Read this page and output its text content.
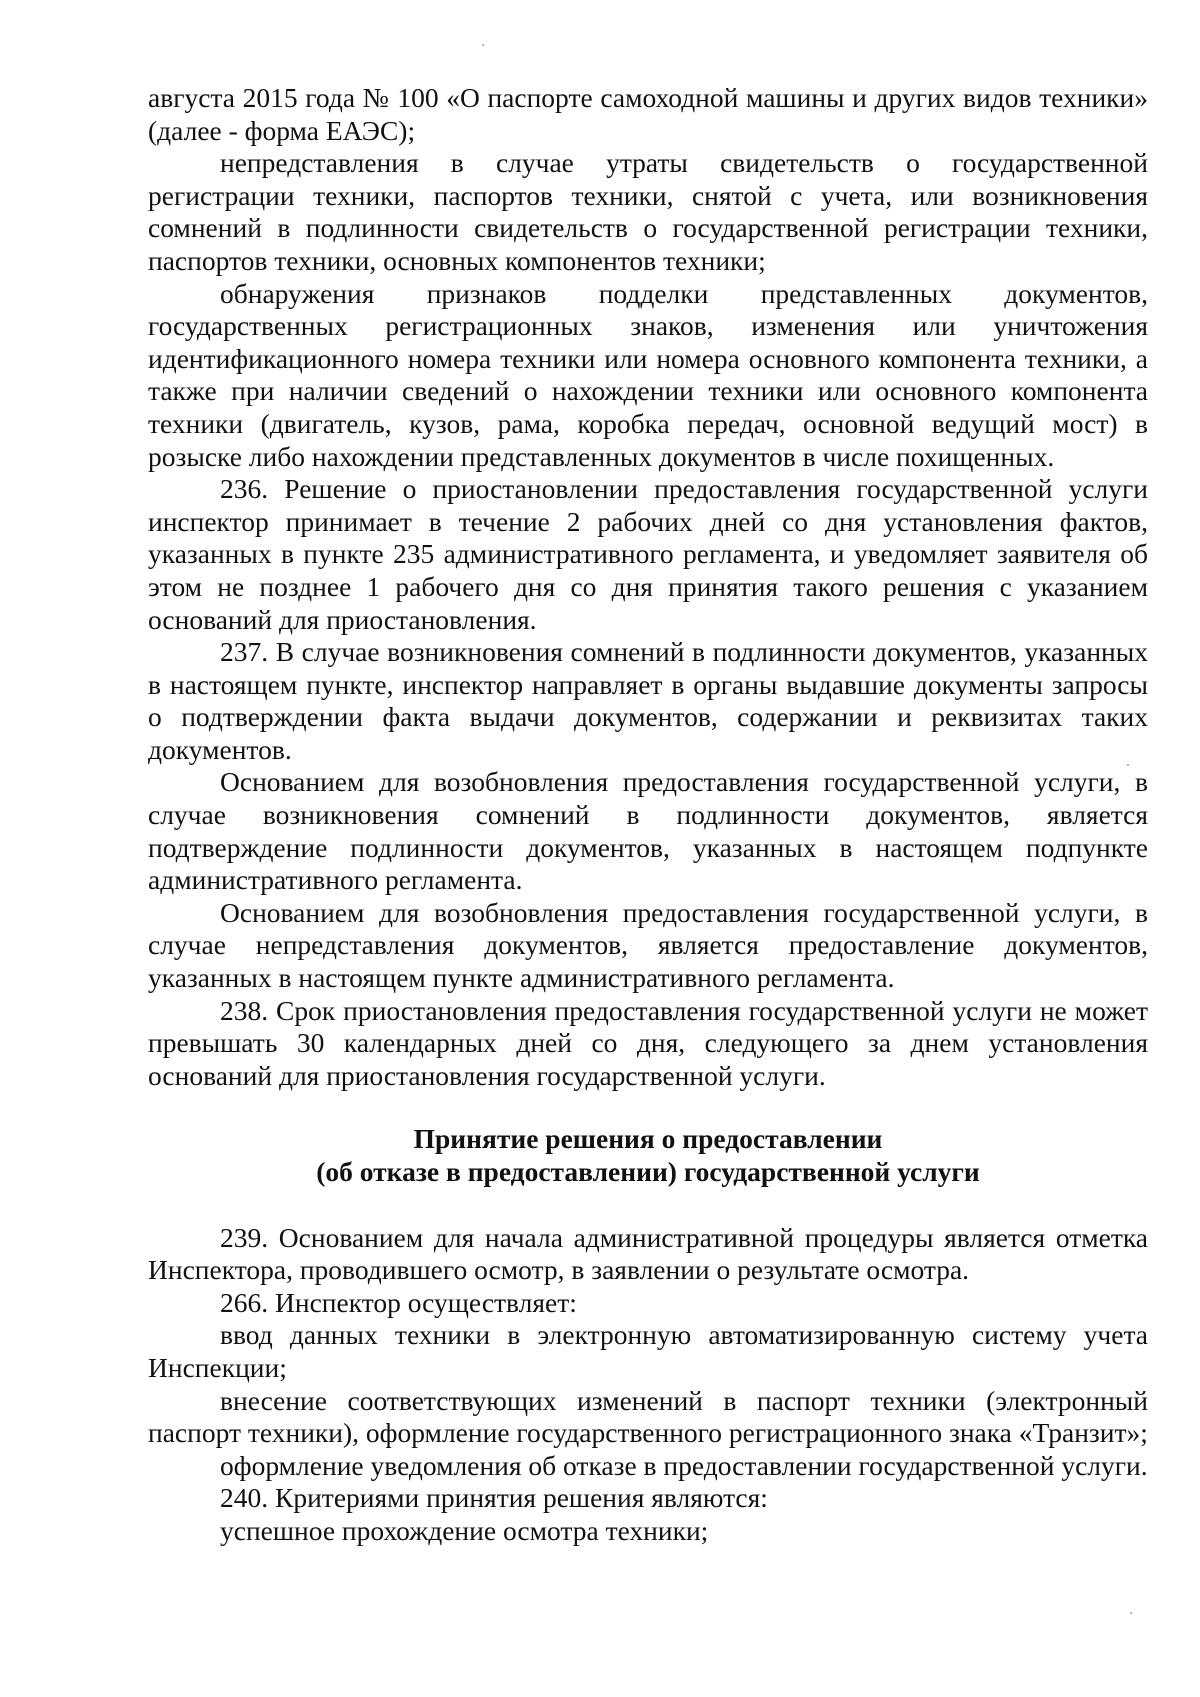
августа 2015 года № 100 «О паспорте самоходной машины и других видов техники» (далее - форма ЕАЭС);

непредставления в случае утраты свидетельств о государственной регистрации техники, паспортов техники, снятой с учета, или возникновения сомнений в подлинности свидетельств о государственной регистрации техники, паспортов техники, основных компонентов техники;

обнаружения признаков подделки представленных документов, государственных регистрационных знаков, изменения или уничтожения идентификационного номера техники или номера основного компонента техники, а также при наличии сведений о нахождении техники или основного компонента техники (двигатель, кузов, рама, коробка передач, основной ведущий мост) в розыске либо нахождении представленных документов в числе похищенных.

236. Решение о приостановлении предоставления государственной услуги инспектор принимает в течение 2 рабочих дней со дня установления фактов, указанных в пункте 235 административного регламента, и уведомляет заявителя об этом не позднее 1 рабочего дня со дня принятия такого решения с указанием оснований для приостановления.

237. В случае возникновения сомнений в подлинности документов, указанных в настоящем пункте, инспектор направляет в органы выдавшие документы запросы о подтверждении факта выдачи документов, содержании и реквизитах таких документов.

Основанием для возобновления предоставления государственной услуги, в случае возникновения сомнений в подлинности документов, является подтверждение подлинности документов, указанных в настоящем подпункте административного регламента.

Основанием для возобновления предоставления государственной услуги, в случае непредставления документов, является предоставление документов, указанных в настоящем пункте административного регламента.

238. Срок приостановления предоставления государственной услуги не может превышать 30 календарных дней со дня, следующего за днем установления оснований для приостановления государственной услуги.

Принятие решения о предоставлении

(об отказе в предоставлении) государственной услуги

239. Основанием для начала административной процедуры является отметка Инспектора, проводившего осмотр, в заявлении о результате осмотра.

266. Инспектор осуществляет:

ввод данных техники в электронную автоматизированную систему учета Инспекции;

внесение соответствующих изменений в паспорт техники (электронный паспорт техники), оформление государственного регистрационного знака «Транзит»;

оформление уведомления об отказе в предоставлении государственной услуги.

240. Критериями принятия решения являются:

успешное прохождение осмотра техники;
